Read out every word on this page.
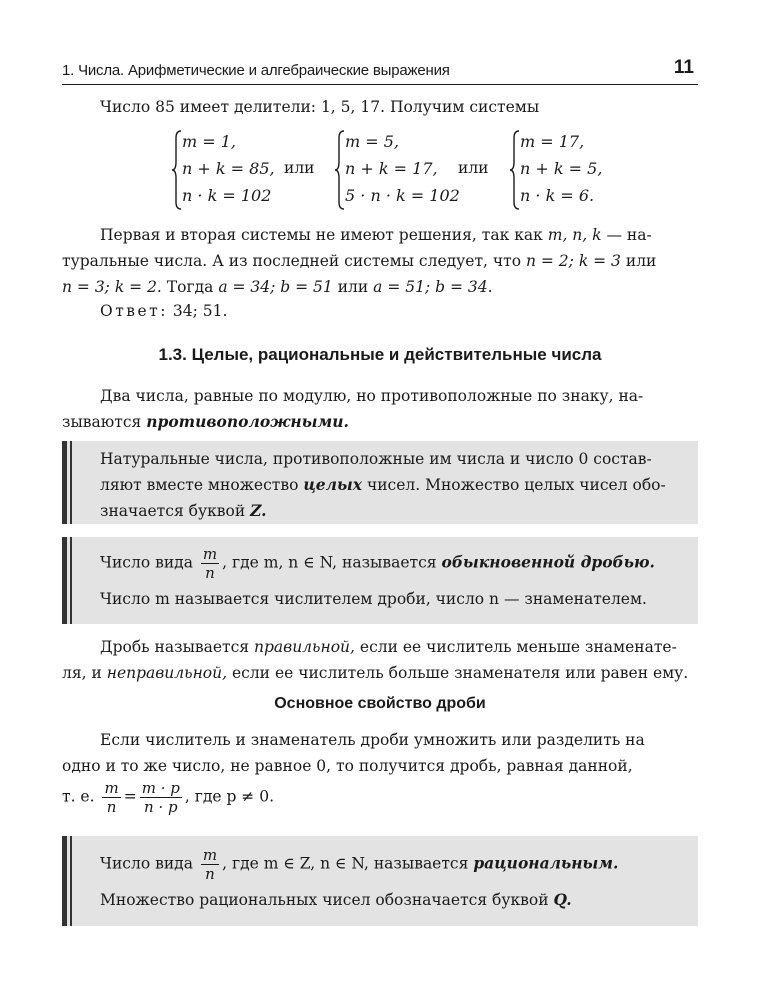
1. Числа. Арифметические и алгебраические выражения	11
Число 85 имеет делители: 1, 5, 17. Получим системы
m = 1,
n + k = 85,
n · k = 102
или
m = 5,
n + k = 17,
5 · n · k = 102
или
m = 17,
n + k = 5,
n · k = 6.
Первая и вторая системы не имеют решения, так как m, n, k — на-
туральные числа. А из последней системы следует, что n = 2; k = 3 или
n = 3; k = 2. Тогда a = 34; b = 51 или a = 51; b = 34.
Ответ: 34; 51.
1.3. Целые, рациональные и действительные числа
Два числа, равные по модулю, но противоположные по знаку, на-
зываются противоположными.
Натуральные числа, противоположные им числа и число 0 состав-
ляют вместе множество целых чисел. Множество целых чисел обо-
значается буквой Z.
Число вида $\frac{m}{n}$ , где m, n ∈ N, называется обыкновенной дробью.
Число m называется числителем дроби, число n — знаменателем.
Дробь называется правильной, если ее числитель меньше знаменате-
ля, и неправильной, если ее числитель больше знаменателя или равен ему.
Основное свойство дроби
Если числитель и знаменатель дроби умножить или разделить на
одно и то же число, не равное 0, то получится дробь, равная данной,
т. е. $\frac{m}{n} = \frac{m \cdot p}{n \cdot p}$ , где p ≠ 0.
Число вида $\frac{m}{n}$ , где m ∈ Z, n ∈ N, называется рациональным.
Множество рациональных чисел обозначается буквой Q.
